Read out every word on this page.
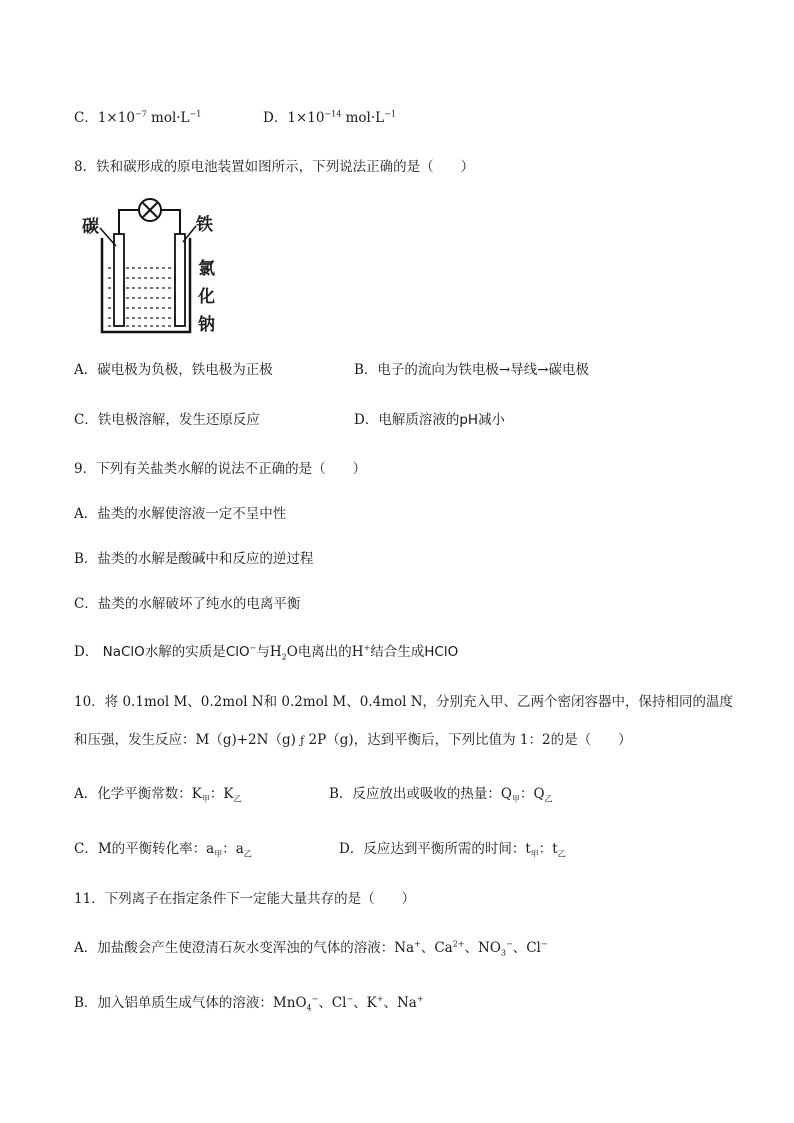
C．$1\times 10^{-7}$ $mol\cdot L^{-1}$	D．$1\times 10^{-14}$ $mol\cdot L^{-1}$
8．铁和碳形成的原电池装置如图所示，下列说法正确的是（　　）
碳	铁
氯
化
钠
A．碳电极为负极，铁电极为正极	B．电子的流向为铁电极→导线→碳电极
C．铁电极溶解，发生还原反应	D．电解质溶液的pH减小
9．下列有关盐类水解的说法不正确的是（　　）
A．盐类的水解使溶液一定不呈中性
B．盐类的水解是酸碱中和反应的逆过程
C．盐类的水解破坏了纯水的电离平衡
D． NaClO水解的实质是ClO−与$H_2O$电离出的H+结合生成HClO
10．将 0.1mol M、0.2mol N和 0.2mol M、0.4mol N，分别充入甲、乙两个密闭容器中，保持相同的温度
和压强，发生反应：M（g)+2N（g) ƒ 2P（g)，达到平衡后，下列比值为 1：2的是（　　）
A．化学平衡常数：$K_甲$：$K_乙$	B．反应放出或吸收的热量：$Q_甲$：$Q_乙$
C．M的平衡转化率：$a_甲$：$a_乙$	D．反应达到平衡所需的时间：$t_甲$：$t_乙$
11．下列离子在指定条件下一定能大量共存的是（　　）
A．加盐酸会产生使澄清石灰水变浑浊的气体的溶液：Na+、$Ca^{2+}$、$NO_3^-$、Cl−
B．加入铝单质生成气体的溶液：MnO$_4$−、Cl−、K+、Na+
